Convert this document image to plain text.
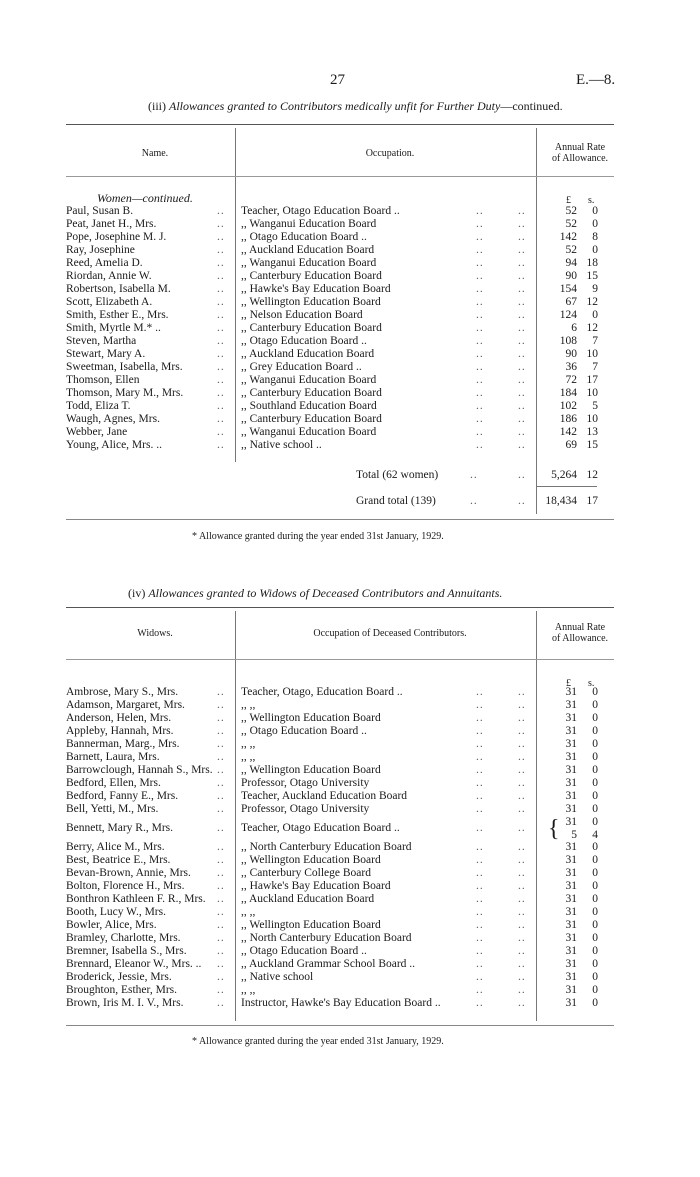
27	E.—8.
(iii) Allowances granted to Contributors medically unfit for Further Duty—continued.
Name.	Occupation.
Annual Rate
of Allowance.
Women—continued.	£ s.
Paul, Susan B.	.. Teacher, Otago Education Board ..	..	..	52	0
Peat, Janet H., Mrs.	.. ,, Wanganui Education Board	..	..	52	0
Pope, Josephine M. J.	.. ,, Otago Education Board ..	..	..	142	8
Ray, Josephine	.. ,, Auckland Education Board	..	..	52	0
Reed, Amelia D.	.. ,, Wanganui Education Board	..	..	94 18
Riordan, Annie W.	.. ,, Canterbury Education Board	..	..	90 15
Robertson, Isabella M.	.. ,, Hawke's Bay Education Board	..	..	154	9
Scott, Elizabeth A.	.. ,, Wellington Education Board	..	..	67 12
Smith, Esther E., Mrs.	.. ,, Nelson Education Board	..	..	124	0
Smith, Myrtle M.* ..	.. ,, Canterbury Education Board	..	..	6 12
Steven, Martha	.. ,, Otago Education Board ..	..	..	108	7
Stewart, Mary A.	.. ,, Auckland Education Board	..	..	90 10
Sweetman, Isabella, Mrs.	.. ,, Grey Education Board ..	..	..	36	7
Thomson, Ellen	.. ,, Wanganui Education Board	..	..	72 17
Thomson, Mary M., Mrs.	.. ,, Canterbury Education Board	..	..	184 10
Todd, Eliza T.	.. ,, Southland Education Board	..	..	102	5
Waugh, Agnes, Mrs.	.. ,, Canterbury Education Board	..	..	186 10
Webber, Jane	.. ,, Wanganui Education Board	..	..	142 13
Young, Alice, Mrs. ..	.. ,, Native school ..	..	..	69 15
Total (62 women)	..	..	5,264 12
Grand total (139)	..	..	18,434 17
* Allowance granted during the year ended 31st January, 1929.
(iv) Allowances granted to Widows of Deceased Contributors and Annuitants.
Widows.	Occupation of Deceased Contributors.
Annual Rate
of Allowance.
£ s.
Ambrose, Mary S., Mrs.	.. Teacher, Otago, Education Board ..	..	..	31	0
Adamson, Margaret, Mrs.	.. ,, ,,	..	..	31	0
Anderson, Helen, Mrs.	.. ,, Wellington Education Board	..	..	31	0
Appleby, Hannah, Mrs.	.. ,, Otago Education Board ..	..	..	31	0
Bannerman, Marg., Mrs.	.. ,, ,,	..	..	31	0
Barnett, Laura, Mrs.	.. ,, ,,	..	..	31	0
Barrowclough, Hannah S., Mrs. .. ,, Wellington Education Board	..	..	31	0
Bedford, Ellen, Mrs.	.. Professor, Otago University	..	..	31	0
Bedford, Fanny E., Mrs.	.. Teacher, Auckland Education Board	..	..	31	0
Bell, Yetti, M., Mrs.	.. Professor, Otago University	..	..	31	0
Bennett, Mary R., Mrs.	.. Teacher, Otago Education Board ..	..	.. { 31	0
5	4
Berry, Alice M., Mrs.	.. ,, North Canterbury Education Board	..	..	31	0
Best, Beatrice E., Mrs.	.. ,, Wellington Education Board	..	..	31	0
Bevan-Brown, Annie, Mrs. .. ,, Canterbury College Board	..	..	31	0
Bolton, Florence H., Mrs.	.. ,, Hawke's Bay Education Board	..	..	31	0
Bonthron Kathleen F. R., Mrs. .. ,, Auckland Education Board	..	..	31	0
Booth, Lucy W., Mrs.	.. ,, ,,	..	..	31	0
Bowler, Alice, Mrs.	.. ,, Wellington Education Board	..	..	31	0
Bramley, Charlotte, Mrs.	.. ,, North Canterbury Education Board	..	..	31	0
Bremner, Isabella S., Mrs.	.. ,, Otago Education Board ..	..	..	31	0
Brennard, Eleanor W., Mrs. .. .. ,, Auckland Grammar School Board ..	..	..	31	0
Broderick, Jessie, Mrs.	.. ,, Native school	..	..	31	0
Broughton, Esther, Mrs.	.. ,, ,,	..	..	31	0
Brown, Iris M. I. V., Mrs.	.. Instructor, Hawke's Bay Education Board ..	..	..	31	0
* Allowance granted during the year ended 31st January, 1929.
